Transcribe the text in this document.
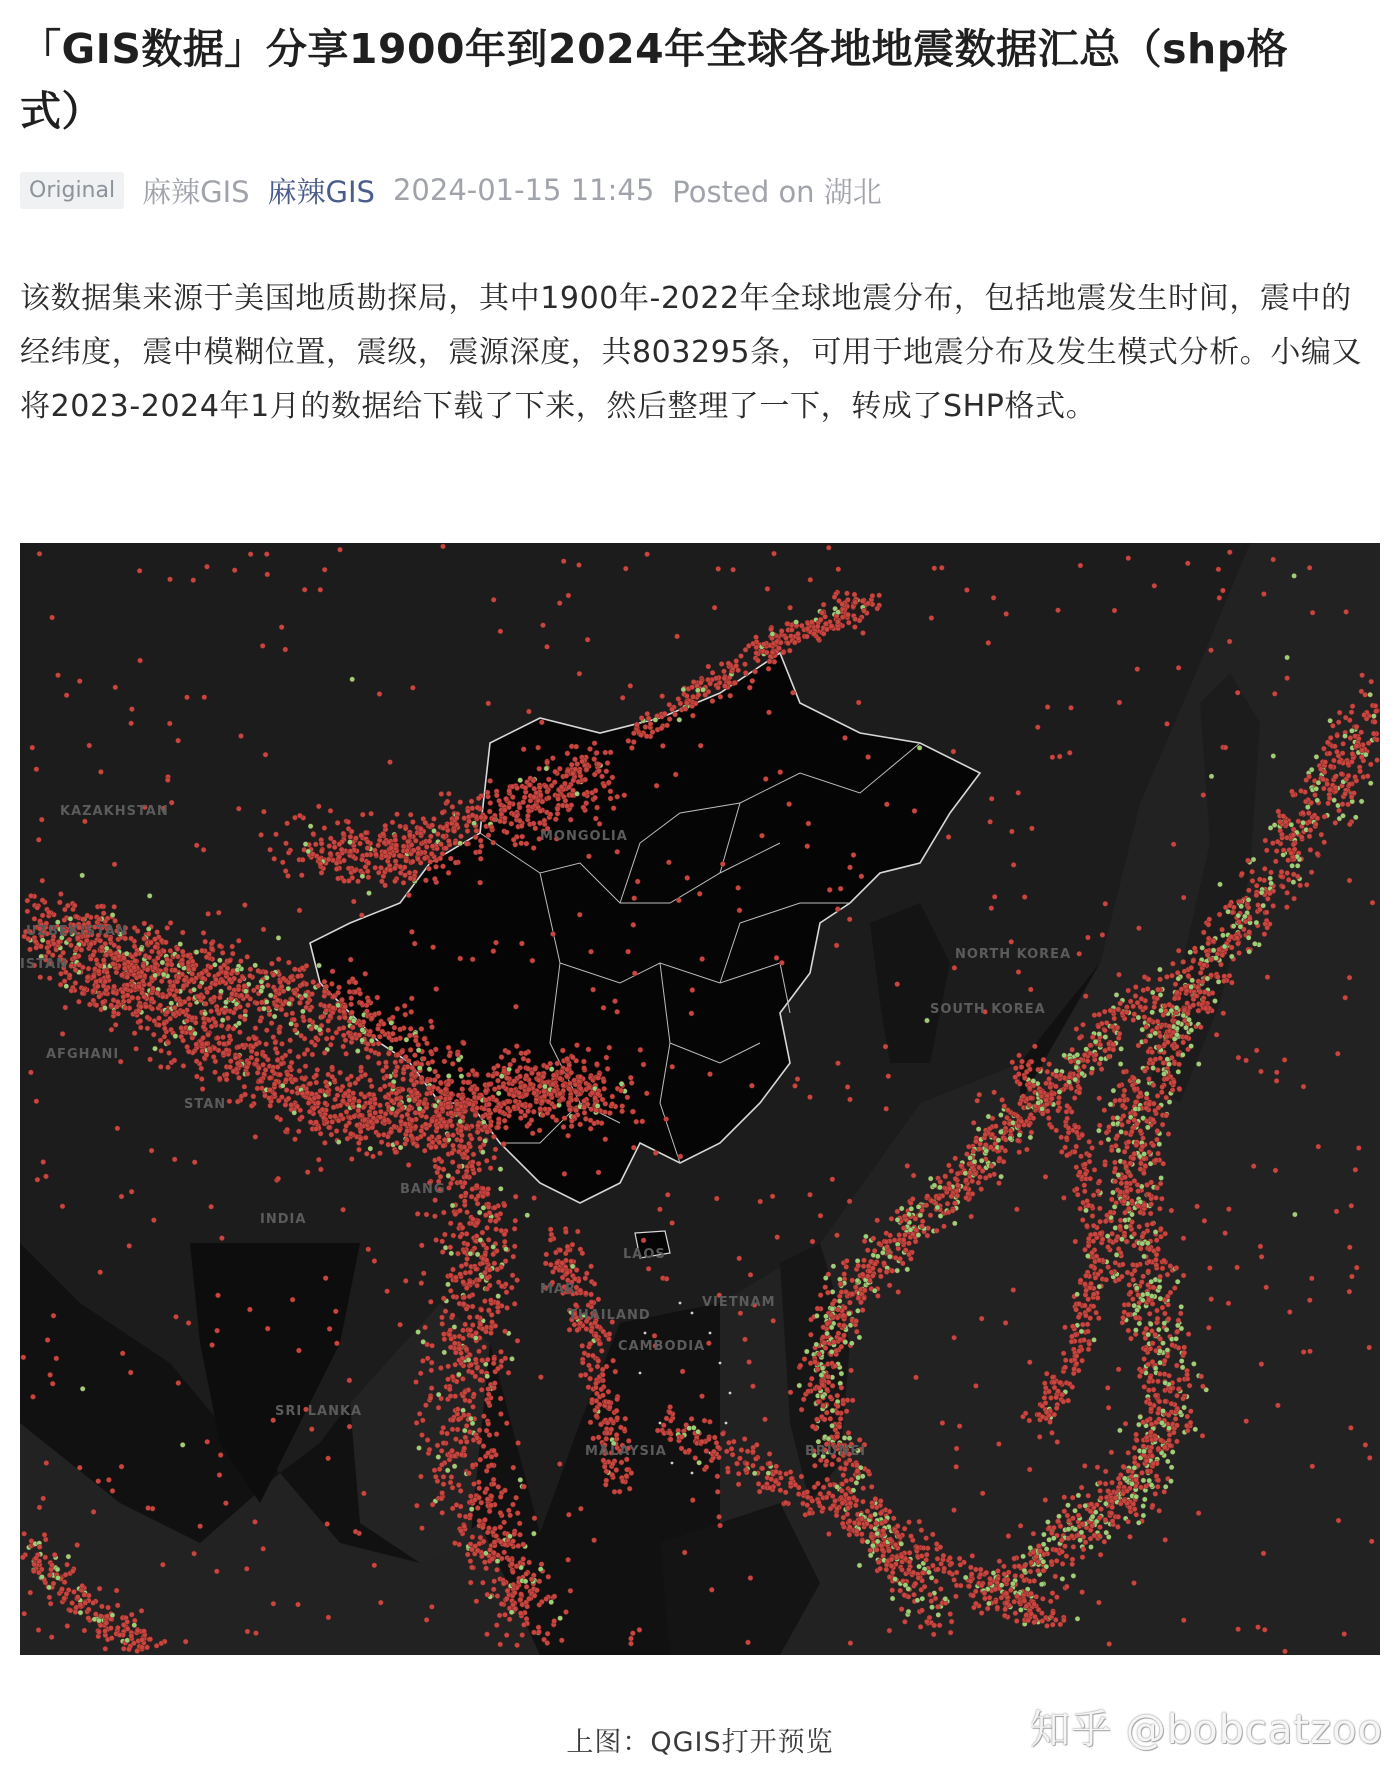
「GIS数据」分享1900年到2024年全球各地地震数据汇总（shp格式）
Original 麻辣GIS 麻辣GIS 2024-01-15 11:45 Posted on 湖北
该数据集来源于美国地质勘探局，其中1900年-2022年全球地震分布，包括地震发生时间，震中的经纬度，震中模糊位置，震级，震源深度，共803295条，可用于地震分布及发生模式分析。小编又将2023-2024年1月的数据给下载了下来，然后整理了一下，转成了SHP格式。
KAZAKHSTAN
MONGOLIA
UZBEKISTAN
ISTAN
AFGHANI
STAN
INDIA
BANG
MAR
LAOS
THAILAND
VIETNAM
CAMBODIA
SRI LANKA
MALAYSIA	BRUNEI
NORTH KOREA
SOUTH KOREA
上图：QGIS打开预览	知乎 @bobcatzoo
